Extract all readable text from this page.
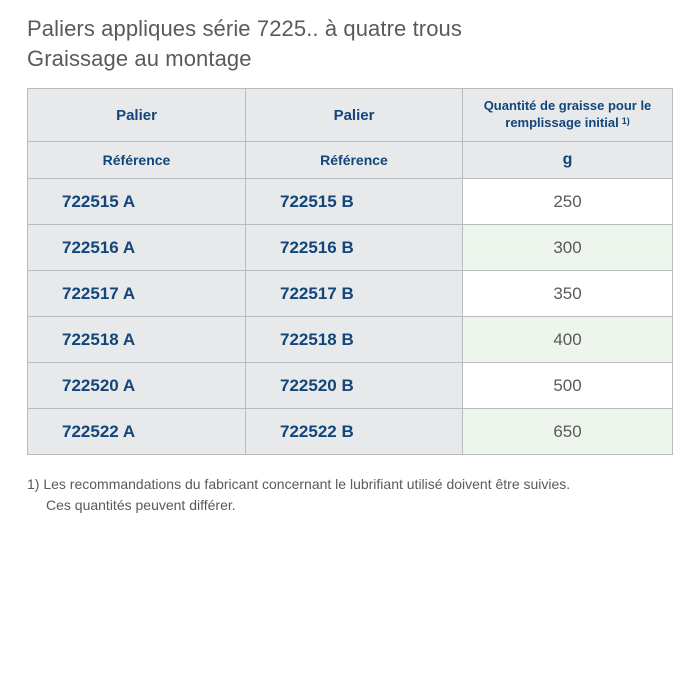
Paliers appliques série 7225.. à quatre trous
Graissage au montage
Palier	Palier	Quantité de graisse pour le remplissage initial $^{1)}$
Référence	Référence	g
722515 A	722515 B	250
722516 A	722516 B	300
722517 A	722517 B	350
722518 A	722518 B	400
722520 A	722520 B	500
722522 A	722522 B	650
1) Les recommandations du fabricant concernant le lubrifiant utilisé doivent être suivies.
Ces quantités peuvent différer.
